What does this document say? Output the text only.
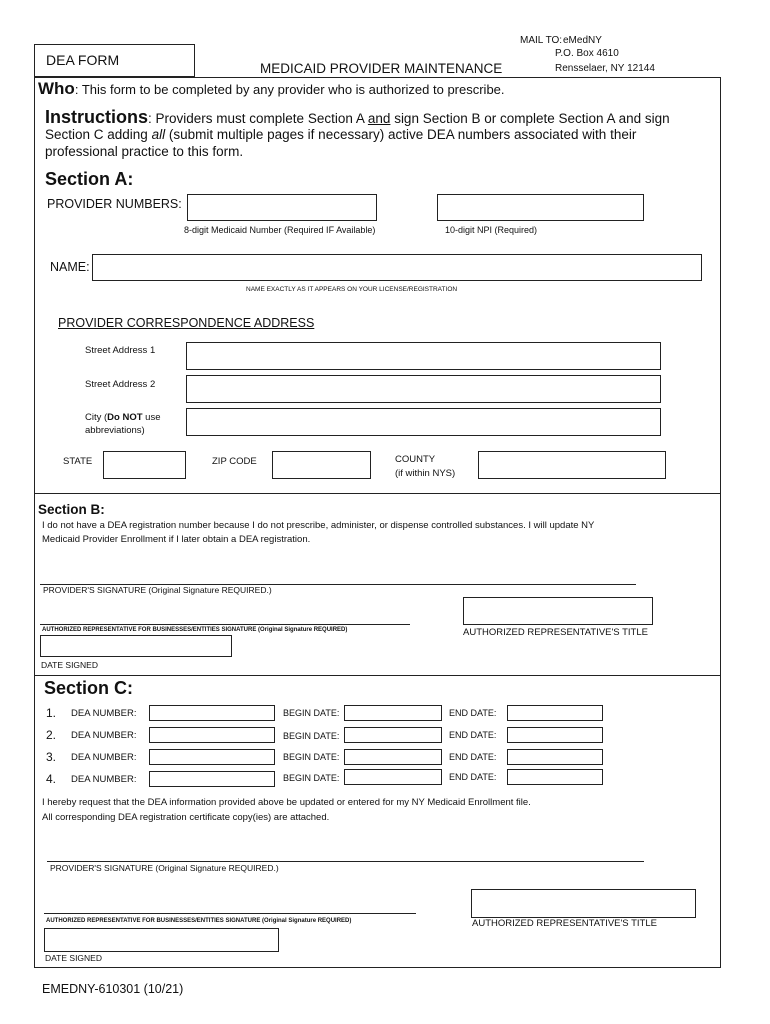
DEA FORM
MEDICAID PROVIDER MAINTENANCE
MAIL TO: eMedNY
P.O. Box 4610
Rensselaer, NY 12144
Who: This form to be completed by any provider who is authorized to prescribe.
Instructions: Providers must complete Section A and sign Section B or complete Section A and sign
Section C adding all (submit multiple pages if necessary) active DEA numbers associated with their
professional practice to this form.
Section A:
PROVIDER NUMBERS:
8-digit Medicaid Number (Required IF Available)	10-digit NPI (Required)
NAME:
NAME EXACTLY AS IT APPEARS ON YOUR LICENSE/REGISTRATION
PROVIDER CORRESPONDENCE ADDRESS
Street Address 1
Street Address 2
City (Do NOT use
abbreviations)
STATE	ZIP CODE	COUNTY
(if within NYS)
Section B:
I do not have a DEA registration number because I do not prescribe, administer, or dispense controlled substances. I will update NY
Medicaid Provider Enrollment if I later obtain a DEA registration.
PROVIDER'S SIGNATURE (Original Signature REQUIRED.)
AUTHORIZED REPRESENTATIVE FOR BUSINESSES/ENTITIES SIGNATURE (Original Signature REQUIRED)	AUTHORIZED REPRESENTATIVE'S TITLE
DATE SIGNED
Section C:
1. DEA NUMBER:	BEGIN DATE:	END DATE:
2. DEA NUMBER:	BEGIN DATE:	END DATE:
3. DEA NUMBER:	BEGIN DATE:	END DATE:
4. DEA NUMBER:	BEGIN DATE:	END DATE:
I hereby request that the DEA information provided above be updated or entered for my NY Medicaid Enrollment file.
All corresponding DEA registration certificate copy(ies) are attached.
PROVIDER'S SIGNATURE (Original Signature REQUIRED.)
AUTHORIZED REPRESENTATIVE FOR BUSINESSES/ENTITIES SIGNATURE (Original Signature REQUIRED)	AUTHORIZED REPRESENTATIVE'S TITLE
DATE SIGNED
EMEDNY-610301 (10/21)
